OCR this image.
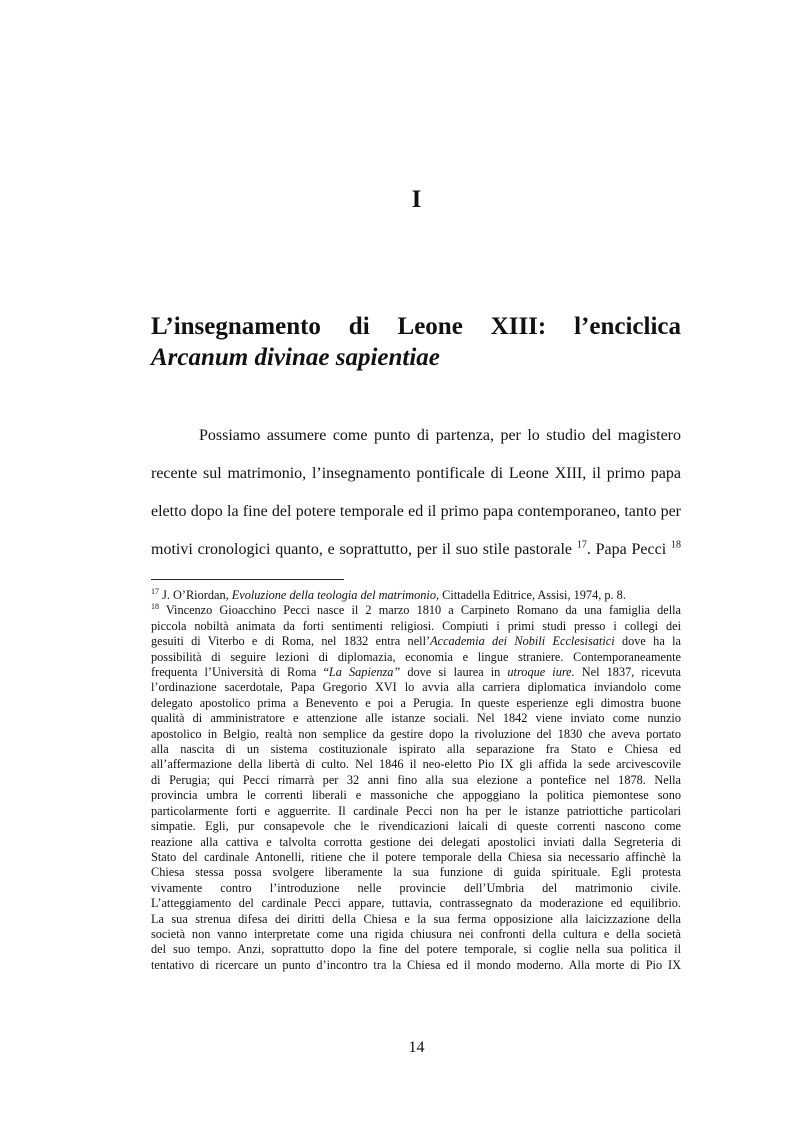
I
L’insegnamento di Leone XIII: l’enciclica
Arcanum divinae sapientiae
Possiamo assumere come punto di partenza, per lo studio del magistero
recente sul matrimonio, l’insegnamento pontificale di Leone XIII, il primo papa
eletto dopo la fine del potere temporale ed il primo papa contemporaneo, tanto per
motivi cronologici quanto, e soprattutto, per il suo stile pastorale $^{17}$. Papa Pecci $^{18}$
$^{17}$ J. O’Riordan, Evoluzione della teologia del matrimonio, Cittadella Editrice, Assisi, 1974, p. 8.
$^{18}$ Vincenzo Gioacchino Pecci nasce il 2 marzo 1810 a Carpineto Romano da una famiglia della
piccola nobiltà animata da forti sentimenti religiosi. Compiuti i primi studi presso i collegi dei
gesuiti di Viterbo e di Roma, nel 1832 entra nell’Accademia dei Nobili Ecclesisatici dove ha la
possibilità di seguire lezioni di diplomazia, economia e lingue straniere. Contemporaneamente
frequenta l’Università di Roma “La Sapienza” dove si laurea in utroque iure. Nel 1837, ricevuta
l’ordinazione sacerdotale, Papa Gregorio XVI lo avvia alla carriera diplomatica inviandolo come
delegato apostolico prima a Benevento e poi a Perugia. In queste esperienze egli dimostra buone
qualità di amministratore e attenzione alle istanze sociali. Nel 1842 viene inviato come nunzio
apostolico in Belgio, realtà non semplice da gestire dopo la rivoluzione del 1830 che aveva portato
alla nascita di un sistema costituzionale ispirato alla separazione fra Stato e Chiesa ed
all’affermazione della libertà di culto. Nel 1846 il neo-eletto Pio IX gli affida la sede arcivescovile
di Perugia; qui Pecci rimarrà per 32 anni fino alla sua elezione a pontefice nel 1878. Nella
provincia umbra le correnti liberali e massoniche che appoggiano la politica piemontese sono
particolarmente forti e agguerrite. Il cardinale Pecci non ha per le istanze patriottiche particolari
simpatie. Egli, pur consapevole che le rivendicazioni laicali di queste correnti nascono come
reazione alla cattiva e talvolta corrotta gestione dei delegati apostolici inviati dalla Segreteria di
Stato del cardinale Antonelli, ritiene che il potere temporale della Chiesa sia necessario affinchè la
Chiesa stessa possa svolgere liberamente la sua funzione di guida spirituale. Egli protesta
vivamente contro l’introduzione nelle provincie dell’Umbria del matrimonio civile.
L’atteggiamento del cardinale Pecci appare, tuttavia, contrassegnato da moderazione ed equilibrio.
La sua strenua difesa dei diritti della Chiesa e la sua ferma opposizione alla laicizzazione della
società non vanno interpretate come una rigida chiusura nei confronti della cultura e della società
del suo tempo. Anzi, soprattutto dopo la fine del potere temporale, si coglie nella sua politica il
tentativo di ricercare un punto d’incontro tra la Chiesa ed il mondo moderno. Alla morte di Pio IX
14
